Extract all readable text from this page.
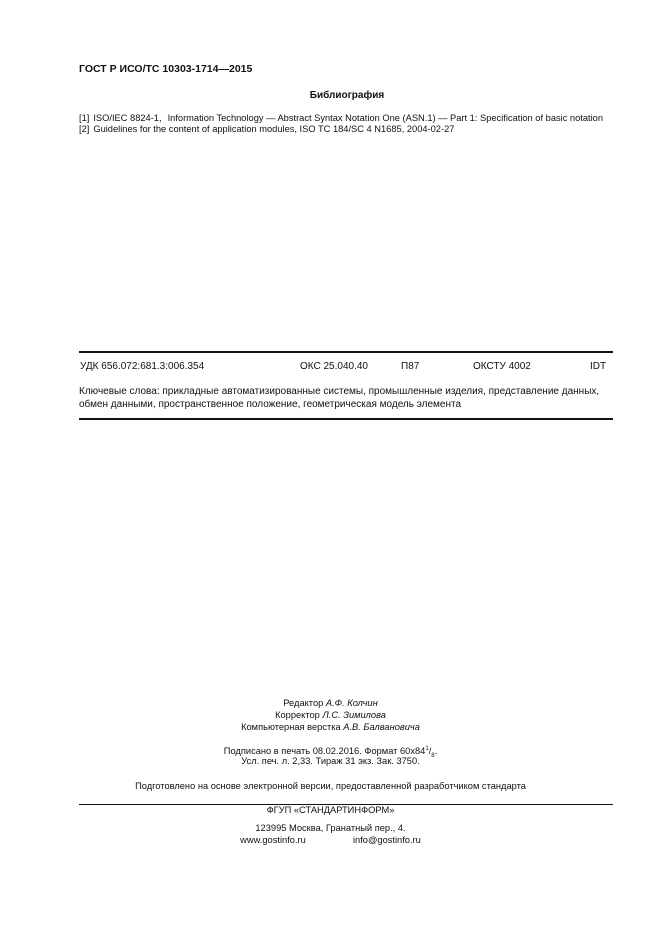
ГОСТ Р ИСО/ТС 10303-1714—2015
Библиография
[1] ISO/IEC 8824-1, Information Technology — Abstract Syntax Notation One (ASN.1) — Part 1: Specification of basic notation
[2] Guidelines for the content of application modules, ISO TC 184/SC 4 N1685, 2004-02-27
УДК 656.072:681.3:006.354	ОКС 25.040.40	П87	ОКСТУ 4002	IDT
Ключевые слова: прикладные автоматизированные системы, промышленные изделия, представление данных, обмен данными, пространственное положение, геометрическая модель элемента
Редактор А.Ф. Колчин
Корректор Л.С. Зимилова
Компьютерная верстка А.В. Балвановича
Подписано в печать 08.02.2016. Формат $60х84^1/_8$.
Усл. печ. л. 2,33. Тираж 31 экз. Зак. 3750.
Подготовлено на основе электронной версии, предоставленной разработчиком стандарта
ФГУП «СТАНДАРТИНФОРМ»
123995 Москва, Гранатный пер., 4.
www.gostinfo.ru	info@gostinfo.ru
